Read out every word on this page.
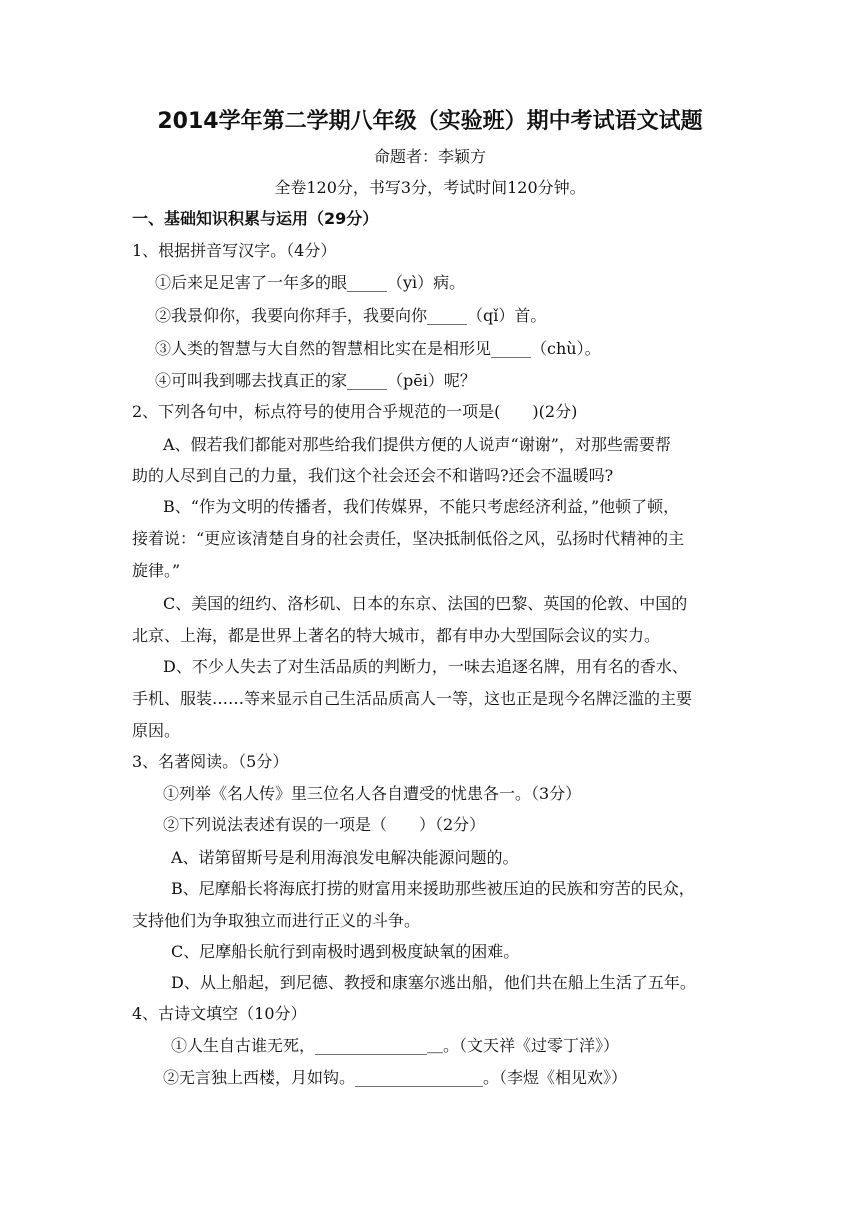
2014学年第二学期八年级（实验班）期中考试语文试题
命题者：李颖方
全卷120分，书写3分，考试时间120分钟。
一、基础知识积累与运用（29分）
1、根据拼音写汉字。（4分）
①后来足足害了一年多的眼_____（yì）病。
②我景仰你，我要向你拜手，我要向你_____（qǐ）首。
③人类的智慧与大自然的智慧相比实在是相形见_____（chù）。
④可叫我到哪去找真正的家_____（pēi）呢？
2、下列各句中，标点符号的使用合乎规范的一项是(　　)(2分)
A、假若我们都能对那些给我们提供方便的人说声“谢谢”，对那些需要帮
助的人尽到自己的力量，我们这个社会还会不和谐吗?还会不温暖吗?
B、“作为文明的传播者，我们传媒界，不能只考虑经济利益，”他顿了顿，
接着说：“更应该清楚自身的社会责任，坚决抵制低俗之风，弘扬时代精神的主
旋律。”
C、美国的纽约、洛杉矶、日本的东京、法国的巴黎、英国的伦敦、中国的
北京、上海，都是世界上著名的特大城市，都有申办大型国际会议的实力。
D、不少人失去了对生活品质的判断力，一味去追逐名牌，用有名的香水、
手机、服装……等来显示自己生活品质高人一等，这也正是现今名牌泛滥的主要
原因。
3、名著阅读。（5分）
①列举《名人传》里三位名人各自遭受的忧患各一。（3分）
②下列说法表述有误的一项是（　　）（2分）
A、诺第留斯号是利用海浪发电解决能源问题的。
B、尼摩船长将海底打捞的财富用来援助那些被压迫的民族和穷苦的民众，
支持他们为争取独立而进行正义的斗争。
C、尼摩船长航行到南极时遇到极度缺氧的困难。
D、从上船起，到尼德、教授和康塞尔逃出船，他们共在船上生活了五年。
4、古诗文填空（10分）
①人生自古谁无死，______________＿。（文天祥《过零丁洋》）
②无言独上西楼，月如钩。________________。（李煜《相见欢》）
